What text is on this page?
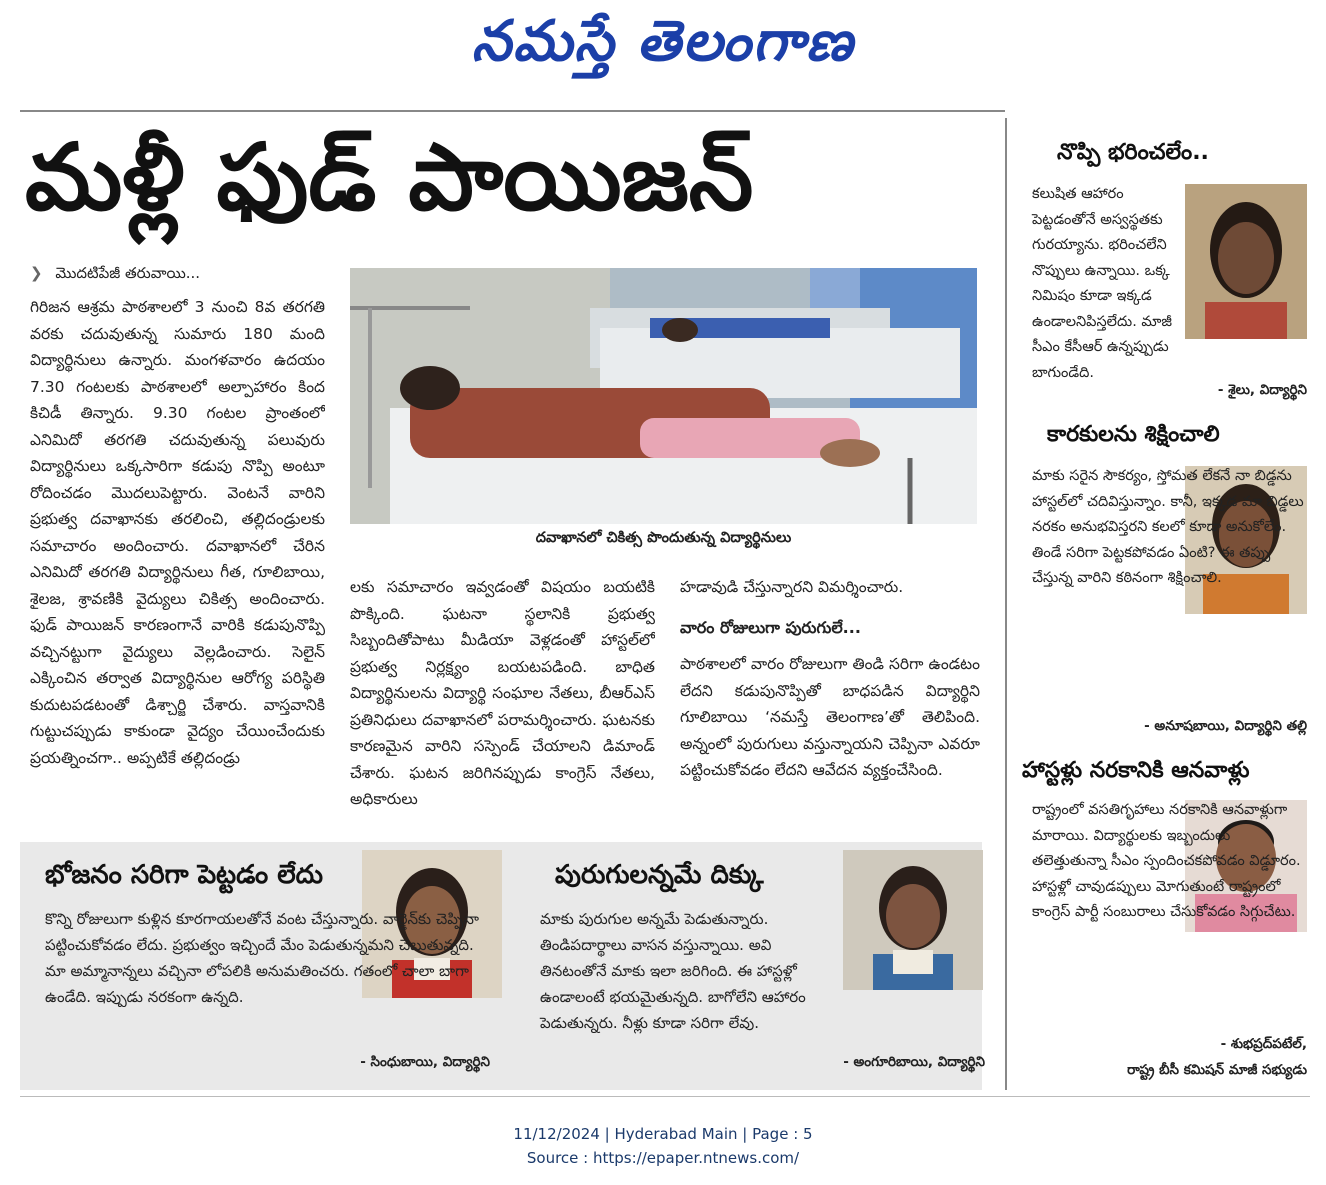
నమస్తే తెలంగాణ
మళ్లీ ఫుడ్ పాయిజన్
❯ మొదటిపేజీ తరువాయి...
గిరిజన ఆశ్రమ పాఠశాలలో 3 నుంచి 8వ తరగతి వరకు చదువుతున్న సుమారు 180 మంది విద్యార్థినులు ఉన్నారు. మంగళవారం ఉదయం 7.30 గంటలకు పాఠశాలలో అల్పాహారం కింద కిచిడీ తిన్నారు. 9.30 గంటల ప్రాంతంలో ఎనిమిదో తరగతి చదువుతున్న పలువురు విద్యార్థినులు ఒక్కసారిగా కడుపు నొప్పి అంటూ రోదించడం మొదలుపెట్టారు. వెంటనే వారిని ప్రభుత్వ దవాఖానకు తరలించి, తల్లిదండ్రులకు సమాచారం అందించారు. దవాఖానలో చేరిన ఎనిమిదో తరగతి విద్యార్థినులు గీత, గూలిబాయి, శైలజ, శ్రావణికి వైద్యులు చికిత్స అందించారు. ఫుడ్ పాయిజన్ కారణంగానే వారికి కడుపునొప్పి వచ్చినట్టుగా వైద్యులు వెల్లడించారు. సెలైన్ ఎక్కించిన తర్వాత విద్యార్థినుల ఆరోగ్య పరిస్థితి కుదుటపడటంతో డిశ్చార్జి చేశారు. వాస్తవానికి గుట్టుచప్పుడు కాకుండా వైద్యం చేయించేందుకు ప్రయత్నించగా.. అప్పటికే తల్లిదండ్రు
దవాఖానలో చికిత్స పొందుతున్న విద్యార్థినులు
లకు సమాచారం ఇవ్వడంతో విషయం బయటికి పొక్కింది. ఘటనా స్థలానికి ప్రభుత్వ సిబ్బందితోపాటు మీడియా వెళ్లడంతో హాస్టల్‌లో ప్రభుత్వ నిర్లక్ష్యం బయటపడింది. బాధిత విద్యార్థినులను విద్యార్థి సంఘాల నేతలు, బీఆర్‌ఎస్ ప్రతినిధులు దవాఖానలో పరామర్శించారు. ఘటనకు కారణమైన వారిని సస్పెండ్ చేయాలని డిమాండ్ చేశారు. ఘటన జరిగినప్పుడు కాంగ్రెస్ నేతలు, అధికారులు
హడావుడి చేస్తున్నారని విమర్శించారు.
వారం రోజులుగా పురుగులే...
పాఠశాలలో వారం రోజులుగా తిండి సరిగా ఉండటం లేదని కడుపునొప్పితో బాధపడిన విద్యార్థిని గూలిబాయి ‘నమస్తే తెలంగాణ’తో తెలిపింది. అన్నంలో పురుగులు వస్తున్నాయని చెప్పినా ఎవరూ పట్టించుకోవడం లేదని ఆవేదన వ్యక్తంచేసింది.
భోజనం సరిగా పెట్టడం లేదు
కొన్ని రోజులుగా కుళ్లిన కూరగాయలతోనే వంట చేస్తున్నారు. వార్డెన్‌కు చెప్పినా పట్టించుకోవడం లేదు. ప్రభుత్వం ఇచ్చిందే మేం పెడుతున్నమని చెబుతున్నది. మా అమ్మానాన్నలు వచ్చినా లోపలికి అనుమతించరు. గతంలో చాలా బాగా ఉండేది. ఇప్పుడు నరకంగా ఉన్నది.
- సింధుబాయి, విద్యార్థిని
పురుగులన్నమే దిక్కు
మాకు పురుగుల అన్నమే పెడుతున్నారు. తిండిపదార్థాలు వాసన వస్తున్నాయి. అవి తినటంతోనే మాకు ఇలా జరిగింది. ఈ హాస్టళ్లో ఉండాలంటే భయమైతున్నది. బాగోలేని ఆహారం పెడుతున్నరు. నీళ్లు కూడా సరిగా లేవు.
- అంగూరిబాయి, విద్యార్థిని
నొప్పి భరించలేం..
కలుషిత ఆహారం పెట్టడంతోనే అస్వస్థతకు గురయ్యాను. భరించలేని నొప్పులు ఉన్నాయి. ఒక్క నిమిషం కూడా ఇక్కడ ఉండాలనిపిస్తలేదు. మాజీ సీఎం కేసీఆర్ ఉన్నప్పుడు బాగుండేది.
- శైలు, విద్యార్థిని
కారకులను శిక్షించాలి
మాకు సరైన సౌకర్యం, స్తోమత లేకనే నా బిడ్డను హాస్టల్‌లో చదివిస్తున్నాం. కానీ, ఇక్కడ మా బిడ్డలు నరకం అనుభవిస్తరని కలలో కూడా అనుకోలేం. తిండే సరిగా పెట్టకపోవడం ఏంటి? ఈ తప్పు చేస్తున్న వారిని కఠినంగా శిక్షించాలి.
- అనూషబాయి, విద్యార్థిని తల్లి
హాస్టళ్లు నరకానికి ఆనవాళ్లు
రాష్ట్రంలో వసతిగృహాలు నరకానికి ఆనవాళ్లుగా మారాయి. విద్యార్థులకు ఇబ్బందులు తలెత్తుతున్నా సీఎం స్పందించకపోవడం విడ్డూరం. హాస్టళ్లో చావుడప్పులు మోగుతుంటే రాష్ట్రంలో కాంగ్రెస్ పార్టీ సంబురాలు చేసుకోవడం సిగ్గుచేటు.
- శుభప్రద్‌పటేల్,
రాష్ట్ర బీసీ కమిషన్ మాజీ సభ్యుడు
11/12/2024 | Hyderabad Main | Page : 5
Source : https://epaper.ntnews.com/
